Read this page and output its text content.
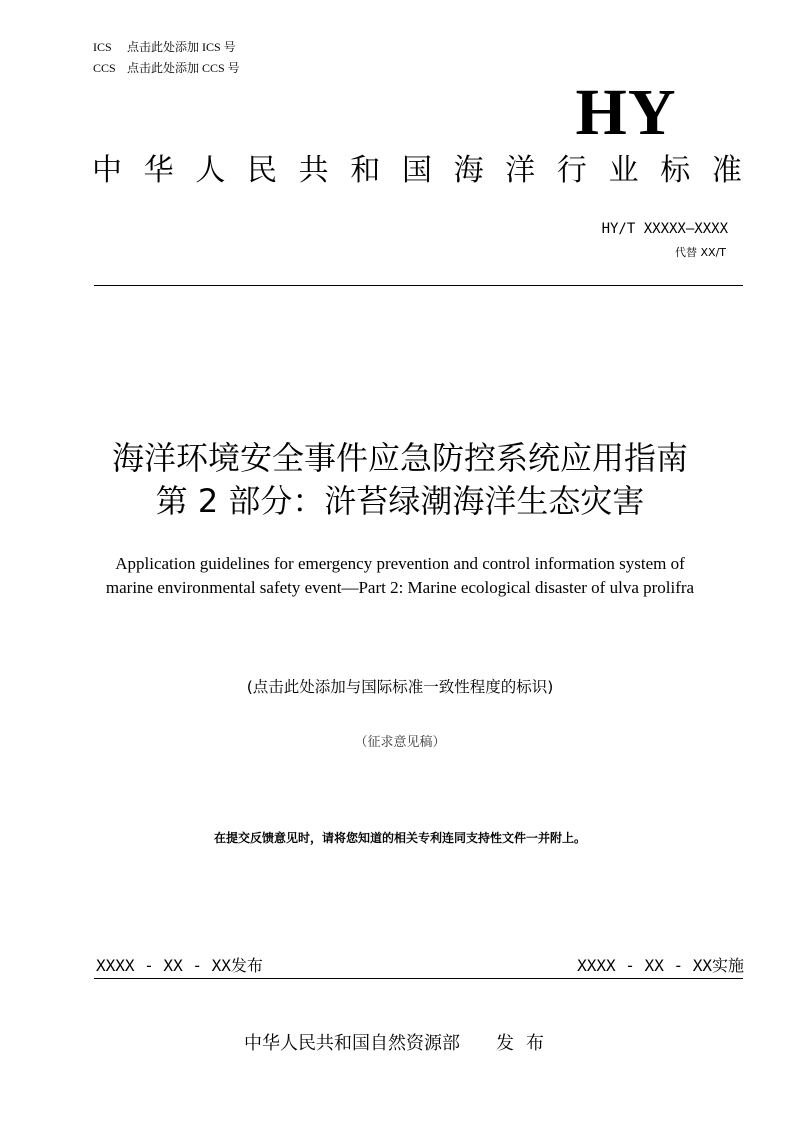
ICS 点击此处添加 ICS 号
CCS 点击此处添加 CCS 号
HY
中 华 人 民 共 和 国 海 洋 行 业 标 准
HY/T XXXXX—XXXX
代替 XX/T
海洋环境安全事件应急防控系统应用指南
第 2 部分：浒苔绿潮海洋生态灾害
Application guidelines for emergency prevention and control information system of marine environmental safety event—Part 2: Marine ecological disaster of ulva prolifra
(点击此处添加与国际标准一致性程度的标识)
（征求意见稿）
在提交反馈意见时，请将您知道的相关专利连同支持性文件一并附上。
XXXX - XX - XX发布	XXXX - XX - XX实施
中华人民共和国自然资源部 发布
